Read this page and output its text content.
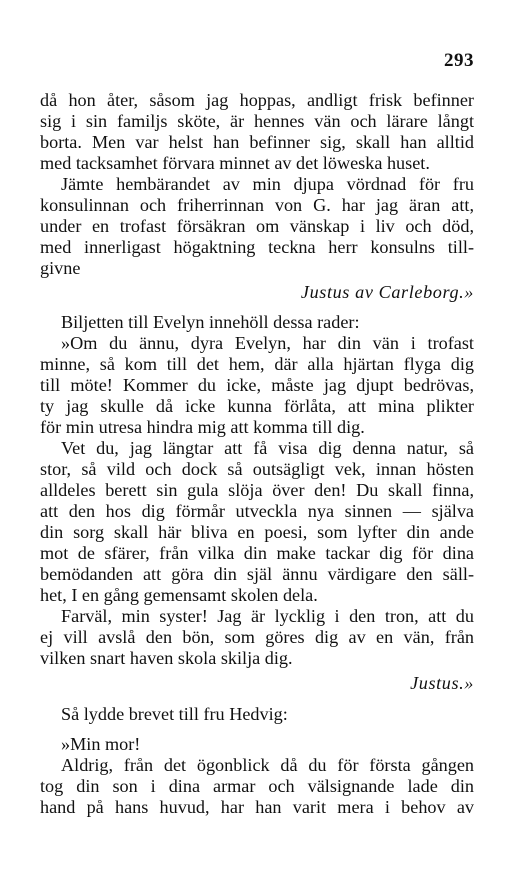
293
då hon åter, såsom jag hoppas, andligt frisk befinner
sig i sin familjs sköte, är hennes vän och lärare långt
borta. Men var helst han befinner sig, skall han alltid
med tacksamhet förvara minnet av det löweska huset.
Jämte hembärandet av min djupa vördnad för fru
konsulinnan och friherrinnan von G. har jag äran att,
under en trofast försäkran om vänskap i liv och död,
med innerligast högaktning teckna herr konsulns till-
givne
Justus av Carleborg.»
Biljetten till Evelyn innehöll dessa rader:
»Om du ännu, dyra Evelyn, har din vän i trofast
minne, så kom till det hem, där alla hjärtan flyga dig
till möte! Kommer du icke, måste jag djupt bedrövas,
ty jag skulle då icke kunna förlåta, att mina plikter
för min utresa hindra mig att komma till dig.
Vet du, jag längtar att få visa dig denna natur, så
stor, så vild och dock så outsägligt vek, innan hösten
alldeles berett sin gula slöja över den! Du skall finna,
att den hos dig förmår utveckla nya sinnen — själva
din sorg skall här bliva en poesi, som lyfter din ande
mot de sfärer, från vilka din make tackar dig för dina
bemödanden att göra din själ ännu värdigare den säll-
het, I en gång gemensamt skolen dela.
Farväl, min syster! Jag är lycklig i den tron, att du
ej vill avslå den bön, som göres dig av en vän, från
vilken snart haven skola skilja dig.
Justus.»
Så lydde brevet till fru Hedvig:
»Min mor!
Aldrig, från det ögonblick då du för första gången
tog din son i dina armar och välsignande lade din
hand på hans huvud, har han varit mera i behov av
